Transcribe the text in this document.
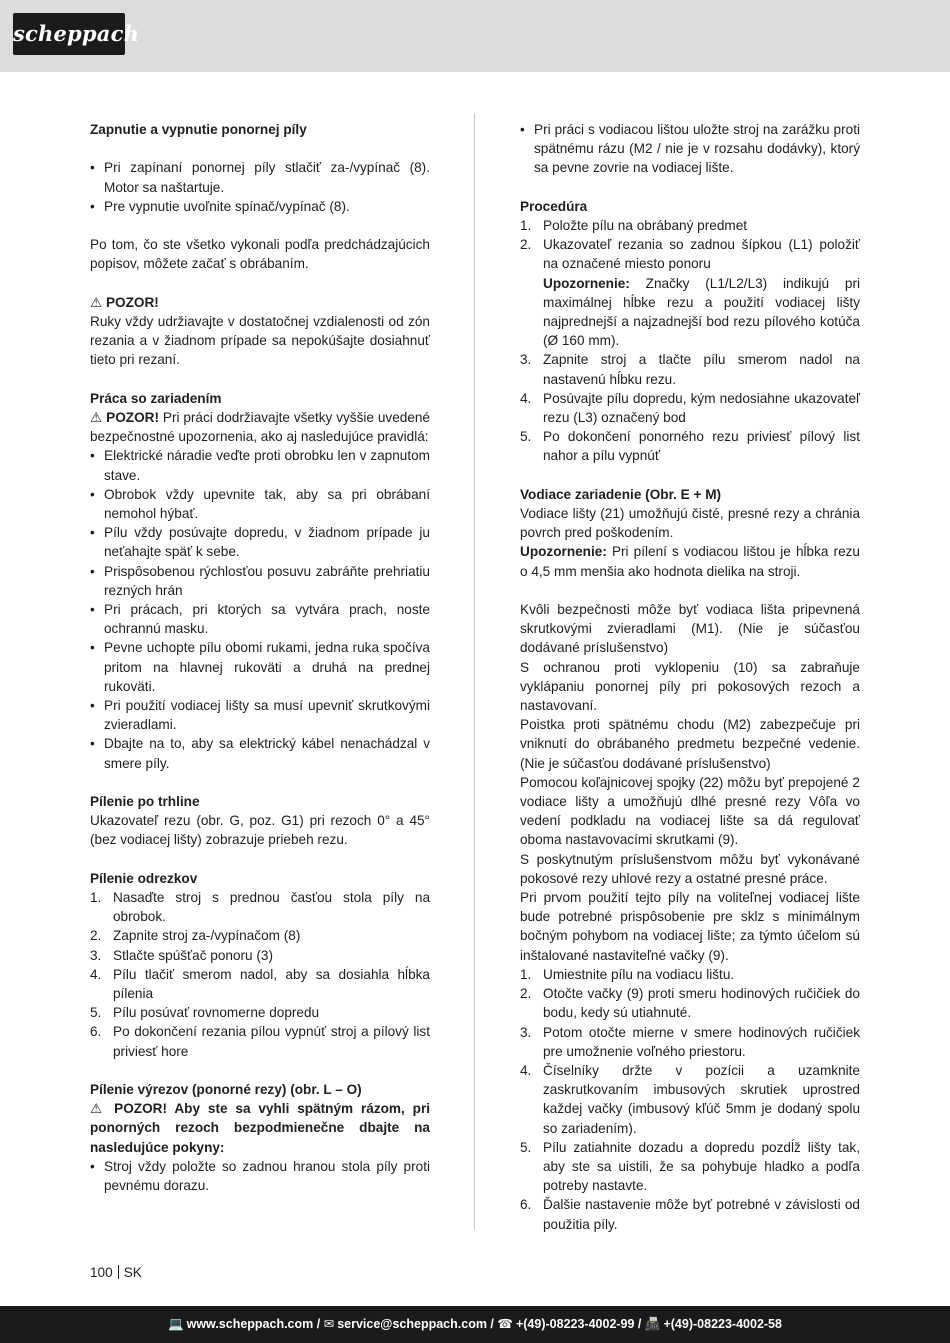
scheppach

Zapnutie a vypnutie ponornej píly

• Pri zapínaní ponornej píly stlačiť za-/vypínač (8). Motor sa naštartuje.
• Pre vypnutie uvoľnite spínač/vypínač (8).

Po tom, čo ste všetko vykonali podľa predchádzajúcich popisov, môžete začať s obrábaním.

⚠ POZOR!

Ruky vždy udržiavajte v dostatočnej vzdialenosti od zón rezania a v žiadnom prípade sa nepokúšajte dosiahnuť tieto pri rezaní.

Práca so zariadením

⚠ POZOR! Pri práci dodržiavajte všetky vyššie uvedené bezpečnostné upozornenia, ako aj nasledujúce pravidlá:

• Elektrické náradie veďte proti obrobku len v zapnutom stave.
• Obrobok vždy upevnite tak, aby sa pri obrábaní nemohol hýbať.
• Pílu vždy posúvajte dopredu, v žiadnom prípade ju neťahajte späť k sebe.
• Prispôsobenou rýchlosťou posuvu zabráňte prehriatiu rezných hrán
• Pri prácach, pri ktorých sa vytvára prach, noste ochrannú masku.
• Pevne uchopte pílu obomi rukami, jedna ruka spočíva pritom na hlavnej rukoväti a druhá na prednej rukoväti.
• Pri použití vodiacej lišty sa musí upevniť skrutkovými zvieradlami.
• Dbajte na to, aby sa elektrický kábel nenachádzal v smere píly.

Pílenie po trhline

Ukazovateľ rezu (obr. G, poz. G1) pri rezoch 0° a 45° (bez vodiacej lišty) zobrazuje priebeh rezu.

Pílenie odrezkov

1. Nasaďte stroj s prednou časťou stola píly na obrobok.
2. Zapnite stroj za-/vypínačom (8)
3. Stlačte spúšťač ponoru (3)
4. Pílu tlačiť smerom nadol, aby sa dosiahla hĺbka pílenia
5. Pílu posúvať rovnomerne dopredu
6. Po dokončení rezania pílou vypnúť stroj a pílový list priviesť hore

Pílenie výrezov (ponorné rezy) (obr. L – O)

⚠ POZOR! Aby ste sa vyhli spätným rázom, pri ponorných rezoch bezpodmienečne dbajte na nasledujúce pokyny:

• Stroj vždy položte so zadnou hranou stola píly proti pevnému dorazu.
• Pri práci s vodiacou lištou uložte stroj na zarážku proti spätnému rázu (M2 / nie je v rozsahu dodávky), ktorý sa pevne zovrie na vodiacej lište.

Procedúra

1. Položte pílu na obrábaný predmet
2. Ukazovateľ rezania so zadnou šípkou (L1) položiť na označené miesto ponoru
Upozornenie: Značky (L1/L2/L3) indikujú pri maximálnej hĺbke rezu a použití vodiacej lišty najprednejší a najzadnejší bod rezu pílového kotúča (Ø 160 mm).
3. Zapnite stroj a tlačte pílu smerom nadol na nastavenú hĺbku rezu.
4. Posúvajte pílu dopredu, kým nedosiahne ukazovateľ rezu (L3) označený bod
5. Po dokončení ponorného rezu priviesť pílový list nahor a pílu vypnúť

Vodiace zariadenie (Obr. E + M)

Vodiace lišty (21) umožňujú čisté, presné rezy a chránia povrch pred poškodením.

Upozornenie: Pri pílení s vodiacou lištou je hĺbka rezu o 4,5 mm menšia ako hodnota dielika na stroji.

Kvôli bezpečnosti môže byť vodiaca lišta pripevnená skrutkovými zvieradlami (M1). (Nie je súčasťou dodávané príslušenstvo)

S ochranou proti vyklopeniu (10) sa zabraňuje vyklápaniu ponornej píly pri pokosových rezoch a nastavovaní.

Poistka proti spätnému chodu (M2) zabezpečuje pri vniknutí do obrábaného predmetu bezpečné vedenie. (Nie je súčasťou dodávané príslušenstvo)

Pomocou koľajnicovej spojky (22) môžu byť prepojené 2 vodiace lišty a umožňujú dlhé presné rezy Vôľa vo vedení podkladu na vodiacej lište sa dá regulovať oboma nastavovacími skrutkami (9).

S poskytnutým príslušenstvom môžu byť vykonávané pokosové rezy uhlové rezy a ostatné presné práce.

Pri prvom použití tejto píly na voliteľnej vodiacej lište bude potrebné prispôsobenie pre sklz s minimálnym bočným pohybom na vodiacej lište; za týmto účelom sú inštalované nastaviteľné vačky (9).

1. Umiestnite pílu na vodiacu lištu.
2. Otočte vačky (9) proti smeru hodinových ručičiek do bodu, kedy sú utiahnuté.
3. Potom otočte mierne v smere hodinových ručičiek pre umožnenie voľného priestoru.
4. Číselníky držte v pozícii a uzamknite zaskrutkovaním imbusových skrutiek uprostred každej vačky (imbusový kľúč 5mm je dodaný spolu so zariadením).
5. Pílu zatiahnite dozadu a dopredu pozdĺž lišty tak, aby ste sa uistili, že sa pohybuje hladko a podľa potreby nastavte.
6. Ďalšie nastavenie môže byť potrebné v závislosti od použitia píly.
100 SK
💻 www.scheppach.com / ✉ service@scheppach.com / ☎ +(49)-08223-4002-99 / 📠 +(49)-08223-4002-58
